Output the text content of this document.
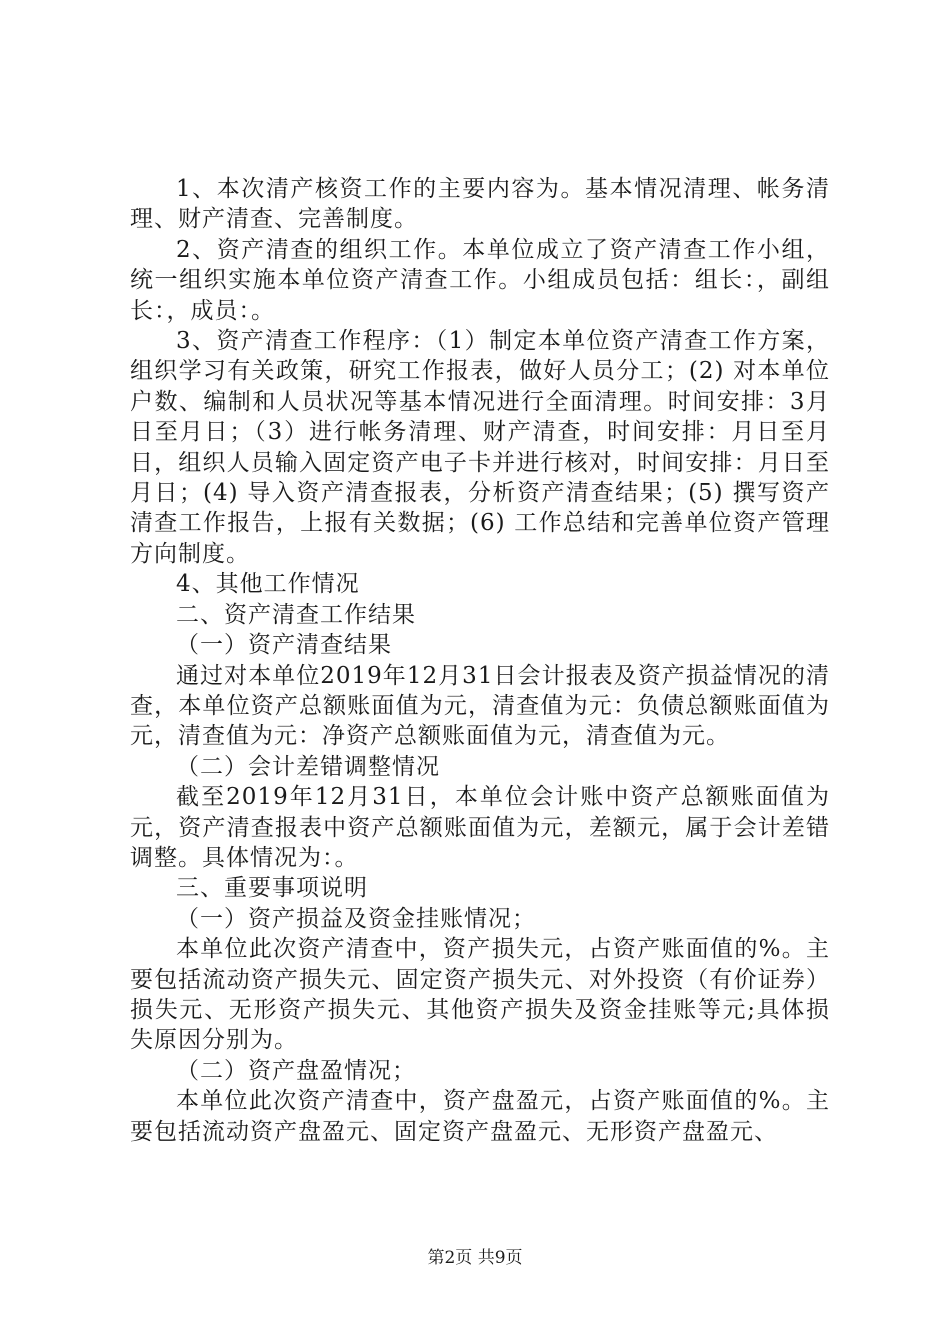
1、本次清产核资工作的主要内容为。基本情况清理、帐务清理、财产清查、完善制度。

2、资产清查的组织工作。本单位成立了资产清查工作小组，统一组织实施本单位资产清查工作。小组成员包括：组长：，副组长：，成员：。

3、资产清查工作程序：（1）制定本单位资产清查工作方案，组织学习有关政策，研究工作报表，做好人员分工；(2) 对本单位户数、编制和人员状况等基本情况进行全面清理。时间安排：3月日至月日；（3）进行帐务清理、财产清查，时间安排：月日至月日，组织人员输入固定资产电子卡并进行核对，时间安排：月日至月日；(4) 导入资产清查报表，分析资产清查结果；(5) 撰写资产清查工作报告，上报有关数据；(6) 工作总结和完善单位资产管理方向制度。

4、其他工作情况

二、资产清查工作结果

（一）资产清查结果

通过对本单位2019年12月31日会计报表及资产损益情况的清查，本单位资产总额账面值为元，清查值为元：负债总额账面值为元，清查值为元：净资产总额账面值为元，清查值为元。

（二）会计差错调整情况

截至2019年12月31日，本单位会计账中资产总额账面值为元，资产清查报表中资产总额账面值为元，差额元，属于会计差错调整。具体情况为：。

三、重要事项说明

（一）资产损益及资金挂账情况；

本单位此次资产清查中，资产损失元，占资产账面值的%。主要包括流动资产损失元、固定资产损失元、对外投资（有价证券）损失元、无形资产损失元、其他资产损失及资金挂账等元;具体损失原因分别为。

（二）资产盘盈情况；

本单位此次资产清查中，资产盘盈元，占资产账面值的%。主要包括流动资产盘盈元、固定资产盘盈元、无形资产盘盈元、

第2页 共9页
